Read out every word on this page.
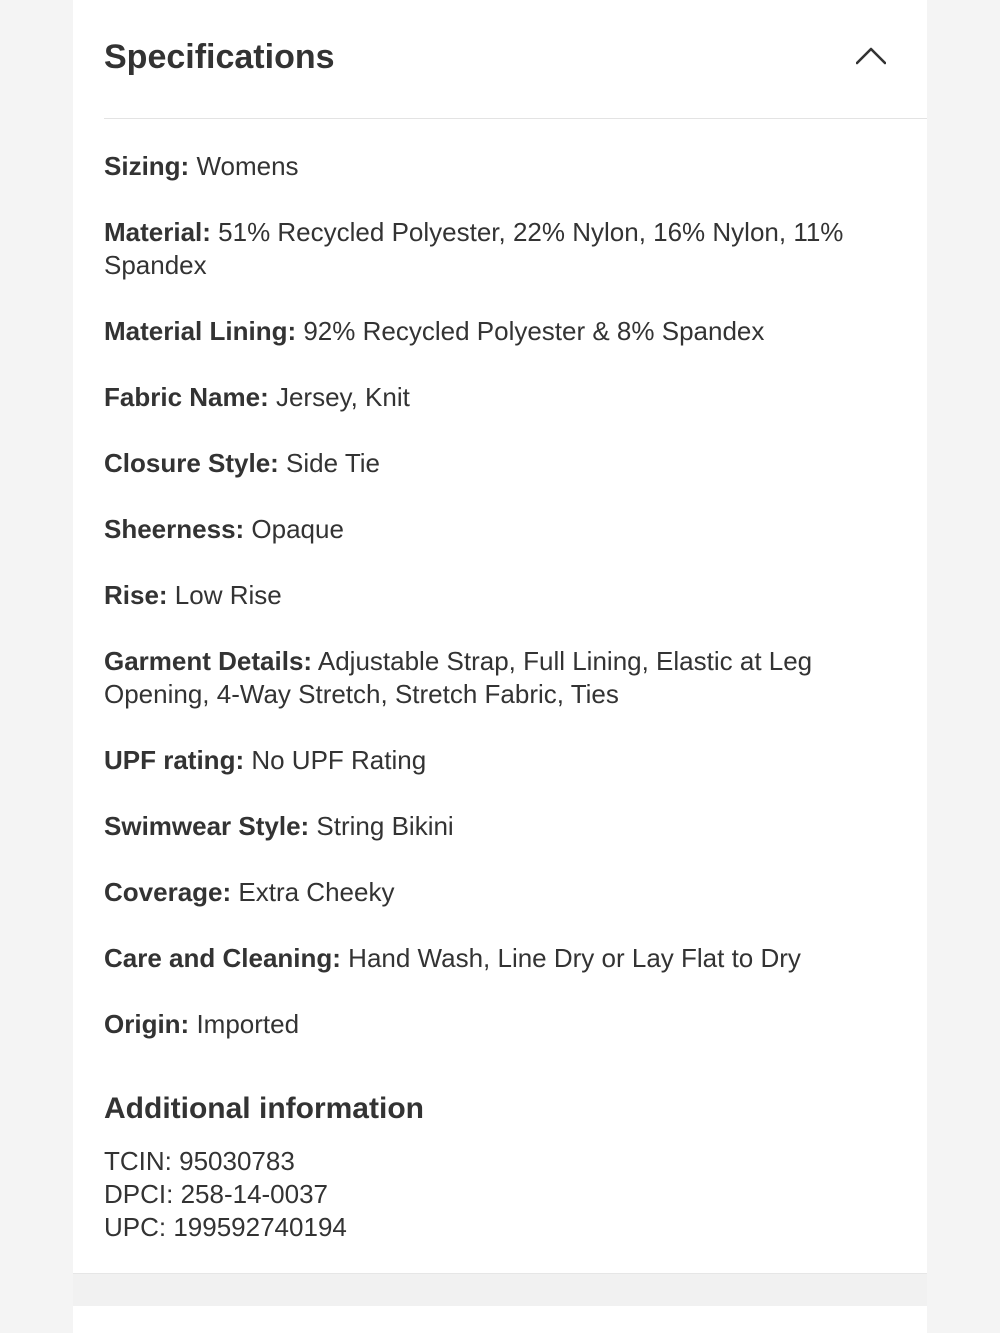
Specifications

Sizing: Womens

Material: 51% Recycled Polyester, 22% Nylon, 16% Nylon, 11% Spandex

Material Lining: 92% Recycled Polyester & 8% Spandex

Fabric Name: Jersey, Knit

Closure Style: Side Tie

Sheerness: Opaque

Rise: Low Rise

Garment Details: Adjustable Strap, Full Lining, Elastic at Leg Opening, 4-Way Stretch, Stretch Fabric, Ties

UPF rating: No UPF Rating

Swimwear Style: String Bikini

Coverage: Extra Cheeky

Care and Cleaning: Hand Wash, Line Dry or Lay Flat to Dry

Origin: Imported

Additional information
TCIN: 95030783
DPCI: 258-14-0037
UPC: 199592740194
